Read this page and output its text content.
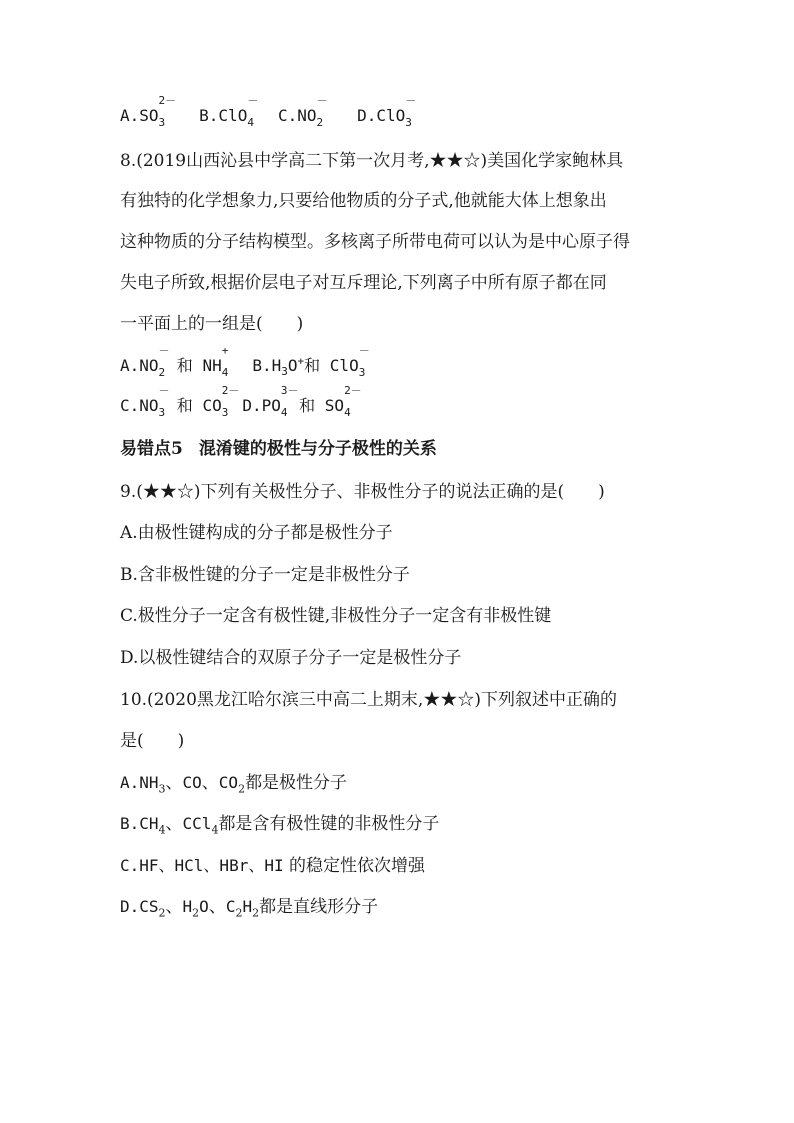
A.SO
2－
$_3$ B.ClO
－
$_4$ C.NO
－
$_2$ D.ClO
－
$_3$
8.(2019山西沁县中学高二下第一次月考,★★☆)美国化学家鲍林具
有独特的化学想象力,只要给他物质的分子式,他就能大体上想象出
这种物质的分子结构模型。多核离子所带电荷可以认为是中心原子得
失电子所致,根据价层电子对互斥理论,下列离子中所有原子都在同
一平面上的一组是(　　)
A.NO
－
$_2$ 和 NH
+
$_4$ $B.H_3O^+$和 ClO
－
$_3$
C.NO
－
$_3$ 和 CO
2－
$_3$ D.PO
3－
$_4$ 和 SO
2－
$_4$
易错点5 混淆键的极性与分子极性的关系
9.(★★☆)下列有关极性分子、非极性分子的说法正确的是(　　)
A.由极性键构成的分子都是极性分子
B.含非极性键的分子一定是非极性分子
C.极性分子一定含有极性键,非极性分子一定含有非极性键
D.以极性键结合的双原子分子一定是极性分子
10.(2020黑龙江哈尔滨三中高二上期末,★★☆)下列叙述中正确的
是(　　)
$A.NH_3$、CO、$CO_2$都是极性分子
$B.CH_4$、CCl$_4$都是含有极性键的非极性分子
C.HF、HCl、HBr、HI 的稳定性依次增强
$D.CS_2$、$H_2O$、$C_2H_2$都是直线形分子
